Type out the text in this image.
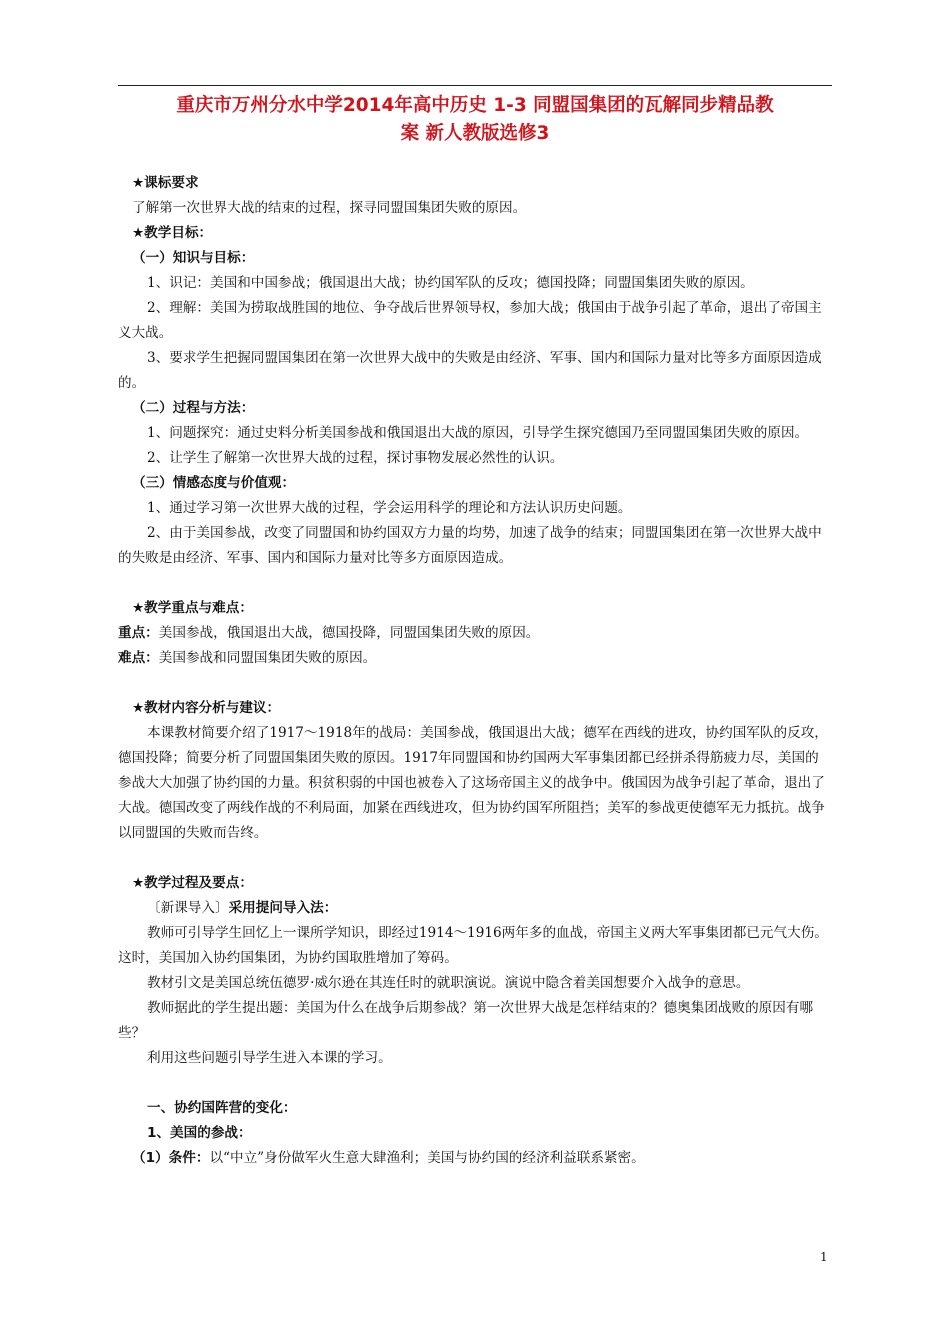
重庆市万州分水中学2014年高中历史 1-3 同盟国集团的瓦解同步精品教
案 新人教版选修3

★课标要求

了解第一次世界大战的结束的过程，探寻同盟国集团失败的原因。

★教学目标：

（一）知识与目标：

1、识记：美国和中国参战；俄国退出大战；协约国军队的反攻；德国投降；同盟国集团失败的原因。

2、理解：美国为捞取战胜国的地位、争夺战后世界领导权，参加大战；俄国由于战争引起了革命，退出了帝国主义大战。

3、要求学生把握同盟国集团在第一次世界大战中的失败是由经济、军事、国内和国际力量对比等多方面原因造成的。

（二）过程与方法：

1、问题探究：通过史料分析美国参战和俄国退出大战的原因，引导学生探究德国乃至同盟国集团失败的原因。

2、让学生了解第一次世界大战的过程，探讨事物发展必然性的认识。

（三）情感态度与价值观：

1、通过学习第一次世界大战的过程，学会运用科学的理论和方法认识历史问题。

2、由于美国参战，改变了同盟国和协约国双方力量的均势，加速了战争的结束；同盟国集团在第一次世界大战中的失败是由经济、军事、国内和国际力量对比等多方面原因造成。

★教学重点与难点：

重点：美国参战，俄国退出大战，德国投降，同盟国集团失败的原因。

难点：美国参战和同盟国集团失败的原因。

★教材内容分析与建议：

本课教材简要介绍了1917～1918年的战局：美国参战，俄国退出大战；德军在西线的进攻，协约国军队的反攻，德国投降；简要分析了同盟国集团失败的原因。1917年同盟国和协约国两大军事集团都已经拼杀得筋疲力尽，美国的参战大大加强了协约国的力量。积贫积弱的中国也被卷入了这场帝国主义的战争中。俄国因为战争引起了革命，退出了大战。德国改变了两线作战的不利局面，加紧在西线进攻，但为协约国军所阻挡；美军的参战更使德军无力抵抗。战争以同盟国的失败而告终。

★教学过程及要点：

〔新课导入〕采用提问导入法：

教师可引导学生回忆上一课所学知识，即经过1914～1916两年多的血战，帝国主义两大军事集团都已元气大伤。这时，美国加入协约国集团，为协约国取胜增加了筹码。

教材引文是美国总统伍德罗·威尔逊在其连任时的就职演说。演说中隐含着美国想要介入战争的意思。

教师据此的学生提出题：美国为什么在战争后期参战？第一次世界大战是怎样结束的？德奥集团战败的原因有哪些？

利用这些问题引导学生进入本课的学习。

一、协约国阵营的变化：

1、美国的参战：

（1）条件：以“中立”身份做军火生意大肆渔利；美国与协约国的经济利益联系紧密。

1
